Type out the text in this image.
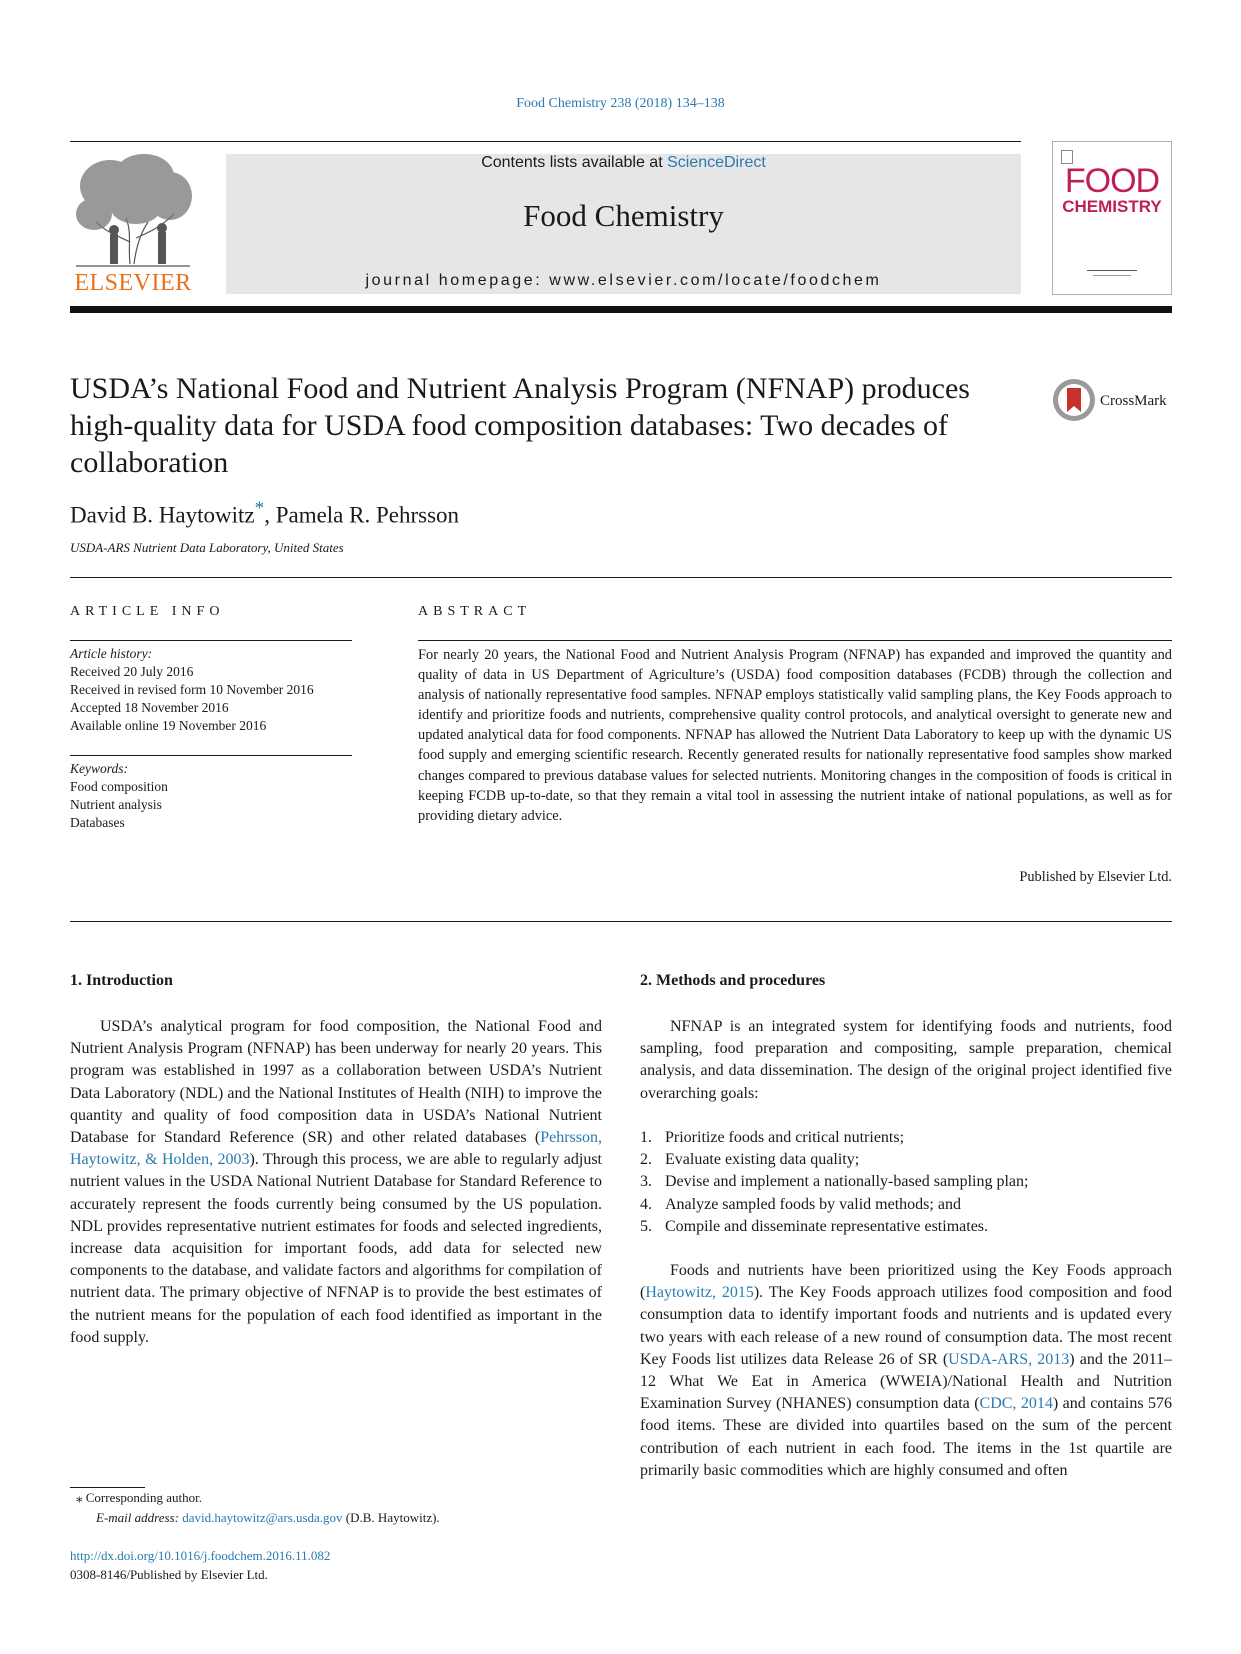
Food Chemistry 238 (2018) 134–138
ELSEVIER
Contents lists available at ScienceDirect
Food Chemistry
journal homepage: www.elsevier.com/locate/foodchem
FOOD
CHEMISTRY
USDA’s National Food and Nutrient Analysis Program (NFNAP) produces high-quality data for USDA food composition databases: Two decades of collaboration
CrossMark
David B. Haytowitz*, Pamela R. Pehrsson
USDA-ARS Nutrient Data Laboratory, United States
ARTICLE INFO
Article history:
Received 20 July 2016
Received in revised form 10 November 2016
Accepted 18 November 2016
Available online 19 November 2016
Keywords:
Food composition
Nutrient analysis
Databases
ABSTRACT
For nearly 20 years, the National Food and Nutrient Analysis Program (NFNAP) has expanded and improved the quantity and quality of data in US Department of Agriculture’s (USDA) food composition databases (FCDB) through the collection and analysis of nationally representative food samples. NFNAP employs statistically valid sampling plans, the Key Foods approach to identify and prioritize foods and nutrients, comprehensive quality control protocols, and analytical oversight to generate new and updated analytical data for food components. NFNAP has allowed the Nutrient Data Laboratory to keep up with the dynamic US food supply and emerging scientific research. Recently generated results for nationally representative food samples show marked changes compared to previous database values for selected nutrients. Monitoring changes in the composition of foods is critical in keeping FCDB up-to-date, so that they remain a vital tool in assessing the nutrient intake of national populations, as well as for providing dietary advice.
Published by Elsevier Ltd.
1. Introduction

USDA’s analytical program for food composition, the National Food and Nutrient Analysis Program (NFNAP) has been underway for nearly 20 years. This program was established in 1997 as a collaboration between USDA’s Nutrient Data Laboratory (NDL) and the National Institutes of Health (NIH) to improve the quantity and quality of food composition data in USDA’s National Nutrient Database for Standard Reference (SR) and other related databases (Pehrsson, Haytowitz, & Holden, 2003). Through this process, we are able to regularly adjust nutrient values in the USDA National Nutrient Database for Standard Reference to accurately represent the foods currently being consumed by the US population. NDL provides representative nutrient estimates for foods and selected ingredients, increase data acquisition for important foods, add data for selected new components to the database, and validate factors and algorithms for compilation of nutrient data. The primary objective of NFNAP is to provide the best estimates of the nutrient means for the population of each food identified as important in the food supply.

2. Methods and procedures

NFNAP is an integrated system for identifying foods and nutrients, food sampling, food preparation and compositing, sample preparation, chemical analysis, and data dissemination. The design of the original project identified five overarching goals:

1. Prioritize foods and critical nutrients;
2. Evaluate existing data quality;
3. Devise and implement a nationally-based sampling plan;
4. Analyze sampled foods by valid methods; and
5. Compile and disseminate representative estimates.

Foods and nutrients have been prioritized using the Key Foods approach (Haytowitz, 2015). The Key Foods approach utilizes food composition and food consumption data to identify important foods and nutrients and is updated every two years with each release of a new round of consumption data. The most recent Key Foods list utilizes data Release 26 of SR (USDA-ARS, 2013) and the 2011–12 What We Eat in America (WWEIA)/National Health and Nutrition Examination Survey (NHANES) consumption data (CDC, 2014) and contains 576 food items. These are divided into quartiles based on the sum of the percent contribution of each nutrient in each food. The items in the 1st quartile are primarily basic commodities which are highly consumed and often

⁎ Corresponding author.
E-mail address: david.haytowitz@ars.usda.gov (D.B. Haytowitz).
http://dx.doi.org/10.1016/j.foodchem.2016.11.082
0308-8146/Published by Elsevier Ltd.
